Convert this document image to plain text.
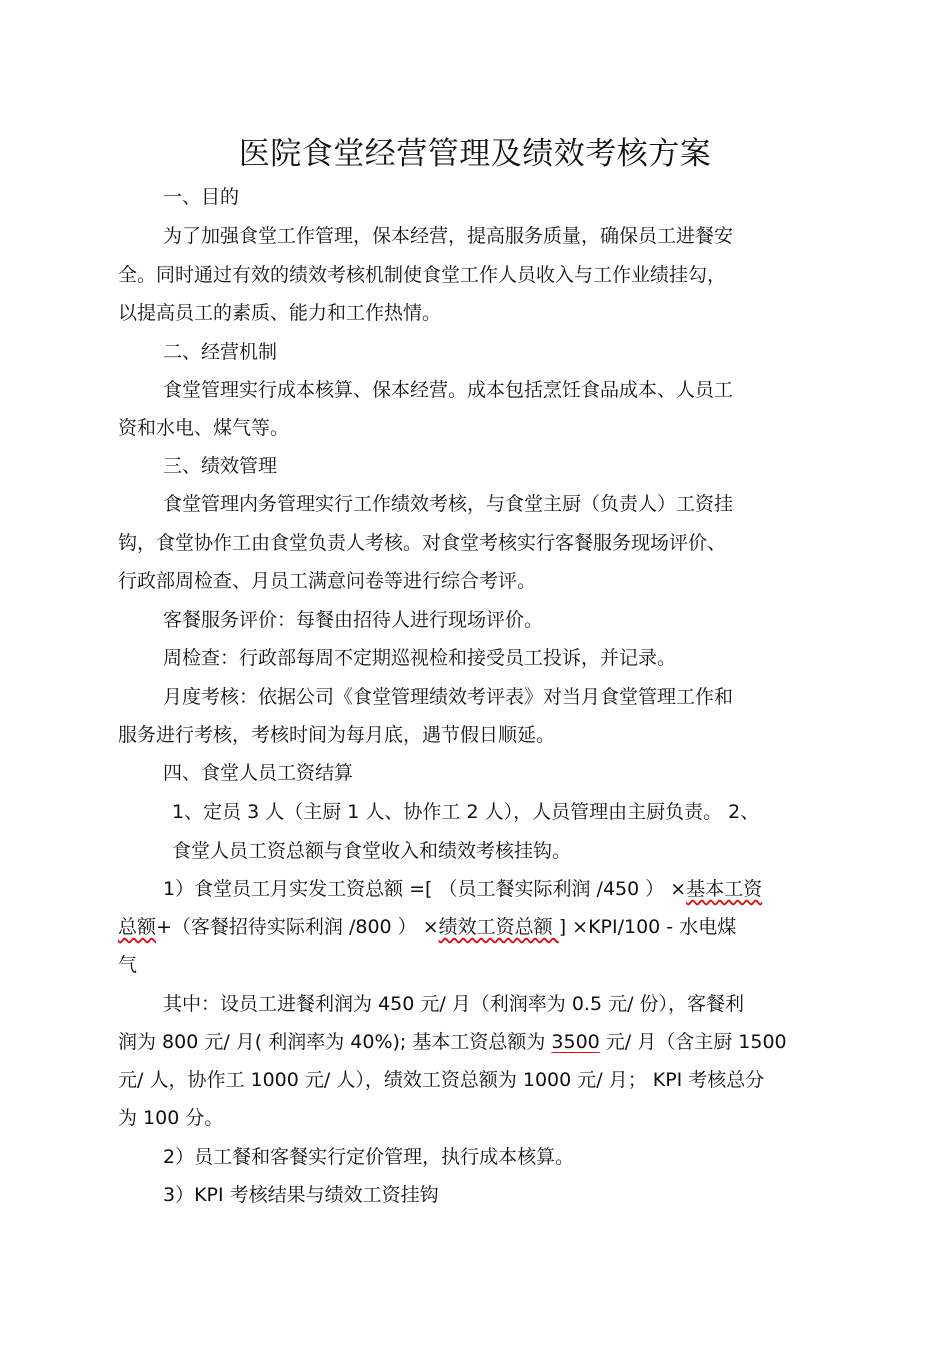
医院食堂经营管理及绩效考核方案
一、目的
为了加强食堂工作管理，保本经营，提高服务质量，确保员工进餐安
全。同时通过有效的绩效考核机制使食堂工作人员收入与工作业绩挂勾，
以提高员工的素质、能力和工作热情。
二、经营机制
食堂管理实行成本核算、保本经营。成本包括烹饪食品成本、人员工
资和水电、煤气等。
三、绩效管理
食堂管理内务管理实行工作绩效考核，与食堂主厨（负责人）工资挂
钩，食堂协作工由食堂负责人考核。对食堂考核实行客餐服务现场评价、
行政部周检查、月员工满意问卷等进行综合考评。
客餐服务评价：每餐由招待人进行现场评价。
周检查：行政部每周不定期巡视检和接受员工投诉，并记录。
月度考核：依据公司《食堂管理绩效考评表》对当月食堂管理工作和
服务进行考核，考核时间为每月底，遇节假日顺延。
四、食堂人员工资结算
1、定员 3 人（主厨 1 人、协作工 2 人），人员管理由主厨负责。 2、
食堂人员工资总额与食堂收入和绩效考核挂钩。
1）食堂员工月实发工资总额 =[ （员工餐实际利润 /450 ） ×基本工资
总额+（客餐招待实际利润 /800 ） ×绩效工资总额 ] ×KPI/100 - 水电煤
气
其中：设员工进餐利润为 450 元/ 月（利润率为 0.5 元/ 份），客餐利
润为 800 元/ 月( 利润率为 40%); 基本工资总额为 3500 元/ 月（含主厨 1500
元/ 人，协作工 1000 元/ 人），绩效工资总额为 1000 元/ 月； KPI 考核总分
为 100 分。
2）员工餐和客餐实行定价管理，执行成本核算。
3）KPI 考核结果与绩效工资挂钩
